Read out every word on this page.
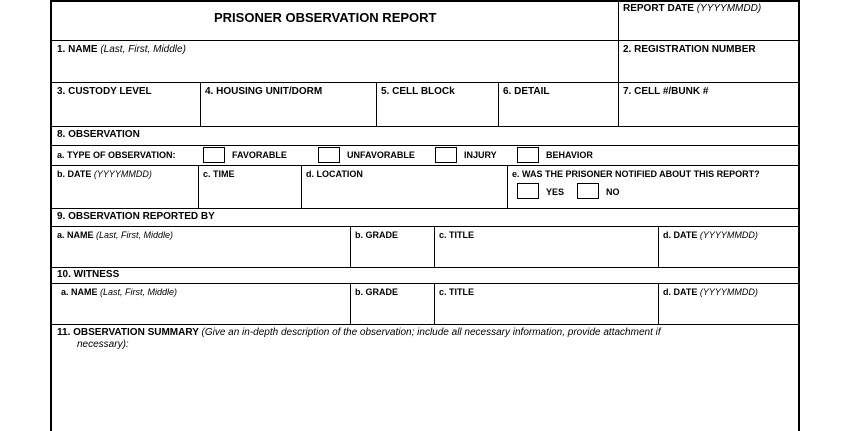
PRISONER OBSERVATION REPORT
REPORT DATE (YYYYMMDD)
1. NAME (Last, First, Middle)	2. REGISTRATION NUMBER
3. CUSTODY LEVEL	4. HOUSING UNIT/DORM	5. CELL BLOCk	6. DETAIL	7. CELL #/BUNK #
8. OBSERVATION
a. TYPE OF OBSERVATION:	FAVORABLE	UNFAVORABLE	INJURY	BEHAVIOR
b. DATE (YYYYMMDD)	c. TIME	d. LOCATION	e. WAS THE PRISONER NOTIFIED ABOUT THIS REPORT?
YES	NO
9. OBSERVATION REPORTED BY
a. NAME (Last, First, Middle)	b. GRADE	c. TITLE	d. DATE (YYYYMMDD)
10. WITNESS
a. NAME (Last, First, Middle)	b. GRADE	c. TITLE	d. DATE (YYYYMMDD)
11. OBSERVATION SUMMARY (Give an in-depth description of the observation; include all necessary information, provide attachment if
necessary):
